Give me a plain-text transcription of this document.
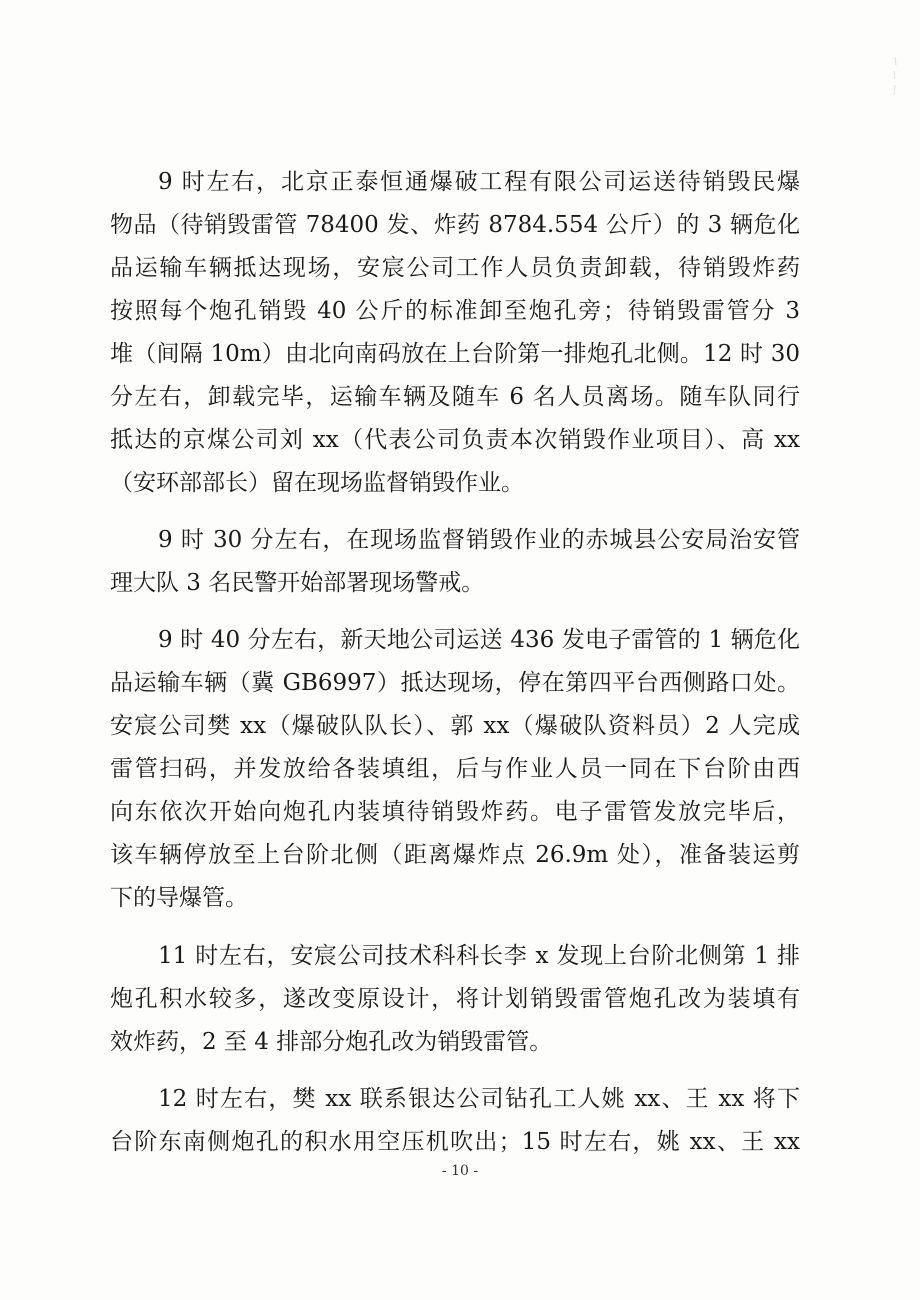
9 时左右，北京正泰恒通爆破工程有限公司运送待销毁民爆
物品（待销毁雷管 78400 发、炸药 8784.554 公斤）的 3 辆危化
品运输车辆抵达现场，安宸公司工作人员负责卸载，待销毁炸药
按照每个炮孔销毁 40 公斤的标准卸至炮孔旁；待销毁雷管分 3
堆（间隔 10m）由北向南码放在上台阶第一排炮孔北侧。12 时 30
分左右，卸载完毕，运输车辆及随车 6 名人员离场。随车队同行
抵达的京煤公司刘 xx（代表公司负责本次销毁作业项目）、高 xx
（安环部部长）留在现场监督销毁作业。
9 时 30 分左右，在现场监督销毁作业的赤城县公安局治安管
理大队 3 名民警开始部署现场警戒。
9 时 40 分左右，新天地公司运送 436 发电子雷管的 1 辆危化
品运输车辆（冀 GB6997）抵达现场，停在第四平台西侧路口处。
安宸公司樊 xx（爆破队队长）、郭 xx（爆破队资料员）2 人完成
雷管扫码，并发放给各装填组，后与作业人员一同在下台阶由西
向东依次开始向炮孔内装填待销毁炸药。电子雷管发放完毕后，
该车辆停放至上台阶北侧（距离爆炸点 26.9m 处），准备装运剪
下的导爆管。
11 时左右，安宸公司技术科科长李 x 发现上台阶北侧第 1 排
炮孔积水较多，遂改变原设计，将计划销毁雷管炮孔改为装填有
效炸药，2 至 4 排部分炮孔改为销毁雷管。
12 时左右，樊 xx 联系银达公司钻孔工人姚 xx、王 xx 将下
台阶东南侧炮孔的积水用空压机吹出；15 时左右，姚 xx、王 xx
- 10 -
